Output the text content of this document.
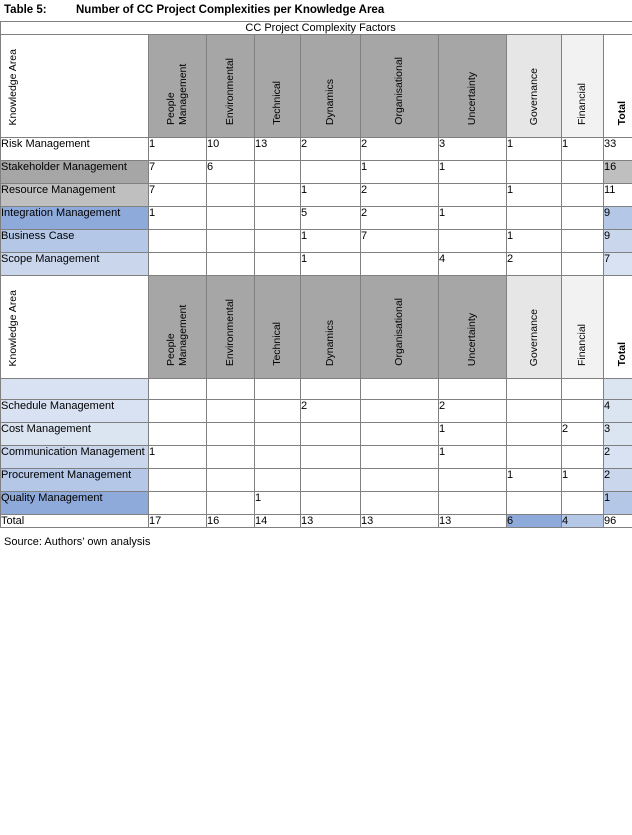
Table 5:	Number of CC Project Complexities per Knowledge Area
CC Project Complexity Factors									

Knowledge Area	People Management	Environmental	Technical	Dynamics	Organisational	Uncertainty	Governance	Financial	Total

Risk Management	1	10	13	2	2	3	1	1	33
Stakeholder Management	7	6			1	1			16
Resource Management	7			1	2		1		11
Integration Management	1			5	2	1			9
Business Case				1	7		1		9
Scope Management				1		4	2		7

Knowledge Area	People Management	Environmental	Technical	Dynamics	Organisational	Uncertainty	Governance	Financial	Total

Schedule Management				2		2			4
Cost Management						1		2	3
Communication Management	1					1			2
Procurement Management							1	1	2
Quality Management			1						1
Total	17	16	14	13	13	13	6	4	96
Source: Authors’ own analysis
